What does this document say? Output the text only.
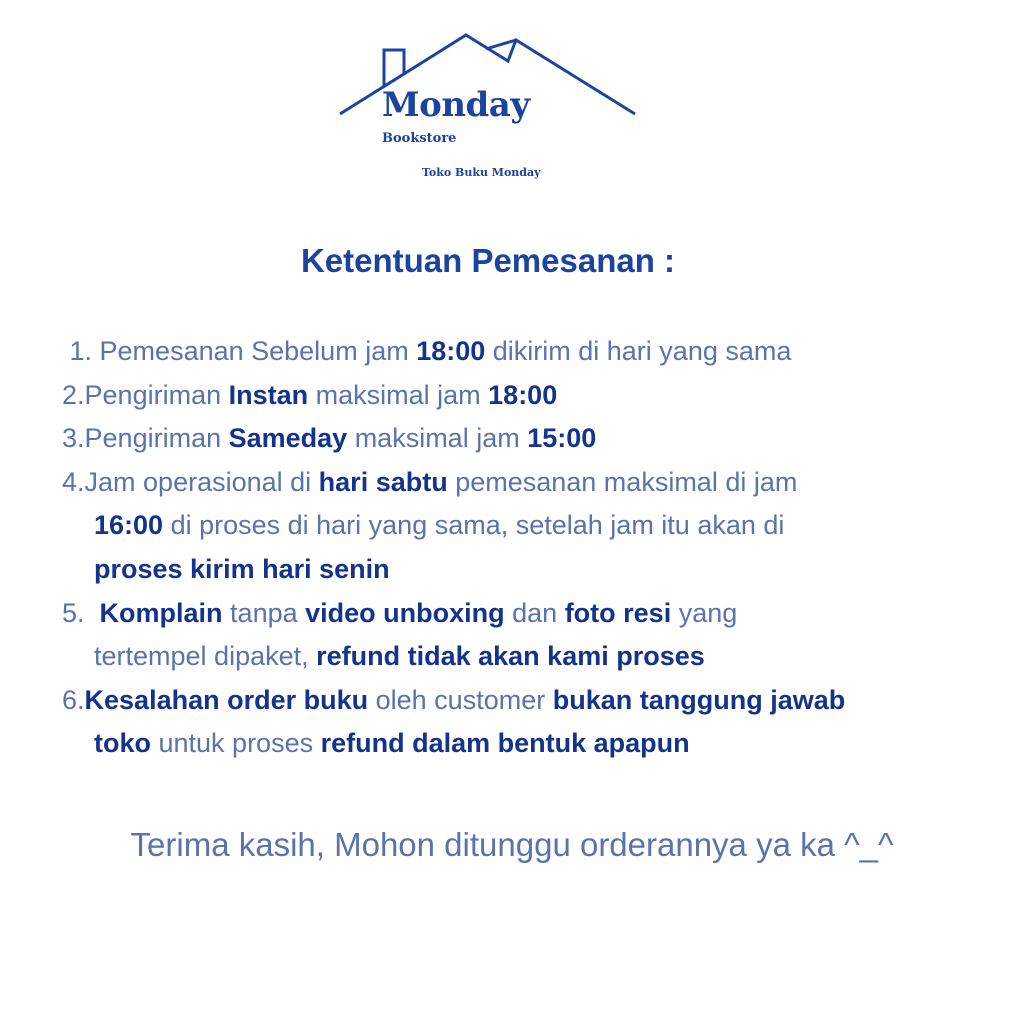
Monday
Bookstore
Toko Buku Monday
Ketentuan Pemesanan :
1. Pemesanan Sebelum jam 18:00 dikirim di hari yang sama
2. Pengiriman Instan maksimal jam 18:00
3. Pengiriman Sameday maksimal jam 15:00
4. Jam operasional di hari sabtu pemesanan maksimal di jam
16:00 di proses di hari yang sama, setelah jam itu akan di
proses kirim hari senin
5. Komplain tanpa video unboxing dan foto resi yang
tertempel dipaket, refund tidak akan kami proses
6. Kesalahan order buku oleh customer bukan tanggung jawab
toko untuk proses refund dalam bentuk apapun
Terima kasih, Mohon ditunggu orderannya ya ka ^_^
